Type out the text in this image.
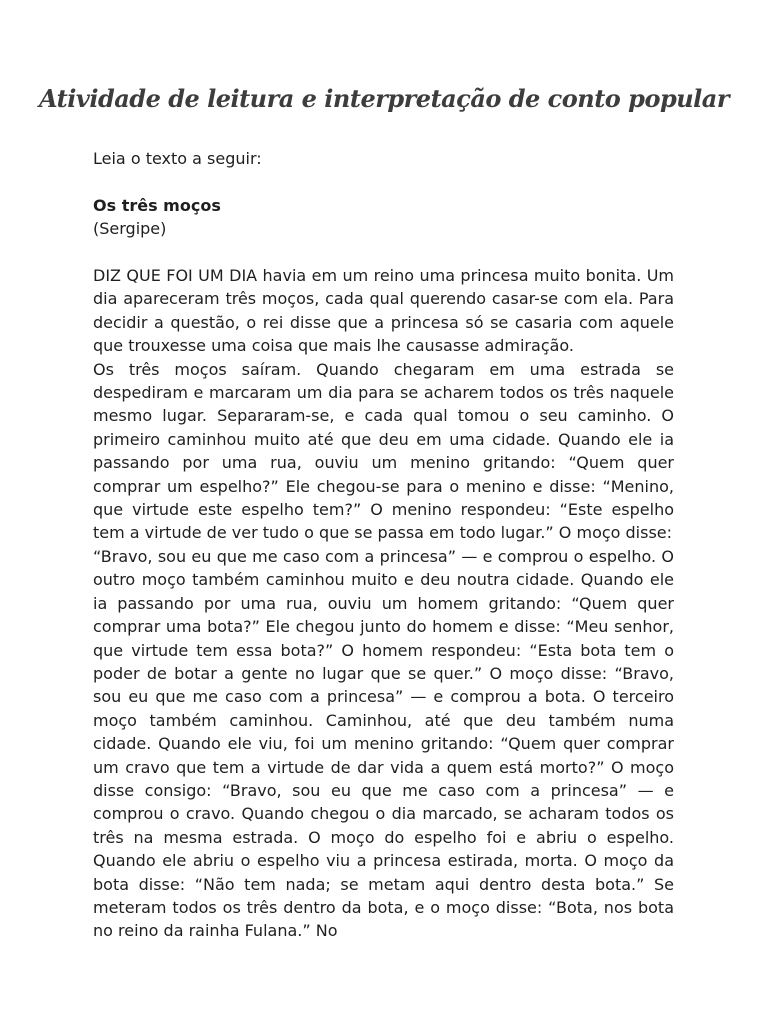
Atividade de leitura e interpretação de conto popular

Leia o texto a seguir:

Os três moços

(Sergipe)

DIZ QUE FOI UM DIA havia em um reino uma princesa muito bonita. Um dia apareceram três moços, cada qual querendo casar-se com ela. Para decidir a questão, o rei disse que a princesa só se casaria com aquele que trouxesse uma coisa que mais lhe causasse admiração.

Os três moços saíram. Quando chegaram em uma estrada se despediram e marcaram um dia para se acharem todos os três naquele mesmo lugar. Separaram-se, e cada qual tomou o seu caminho. O primeiro caminhou muito até que deu em uma cidade. Quando ele ia passando por uma rua, ouviu um menino gritando: “Quem quer comprar um espelho?” Ele chegou-se para o menino e disse: “Menino, que virtude este espelho tem?” O menino respondeu: “Este espelho tem a virtude de ver tudo o que se passa em todo lugar.” O moço disse:

“Bravo, sou eu que me caso com a princesa” — e comprou o espelho. O outro moço também caminhou muito e deu noutra cidade. Quando ele ia passando por uma rua, ouviu um homem gritando: “Quem quer comprar uma bota?” Ele chegou junto do homem e disse: “Meu senhor, que virtude tem essa bota?” O homem respondeu: “Esta bota tem o poder de botar a gente no lugar que se quer.” O moço disse: “Bravo, sou eu que me caso com a princesa” — e comprou a bota. O terceiro moço também caminhou. Caminhou, até que deu também numa cidade. Quando ele viu, foi um menino gritando: “Quem quer comprar um cravo que tem a virtude de dar vida a quem está morto?” O moço disse consigo: “Bravo, sou eu que me caso com a princesa” — e comprou o cravo. Quando chegou o dia marcado, se acharam todos os três na mesma estrada. O moço do espelho foi e abriu o espelho. Quando ele abriu o espelho viu a princesa estirada, morta. O moço da bota disse: “Não tem nada; se metam aqui dentro desta bota.” Se meteram todos os três dentro da bota, e o moço disse: “Bota, nos bota no reino da rainha Fulana.” No
